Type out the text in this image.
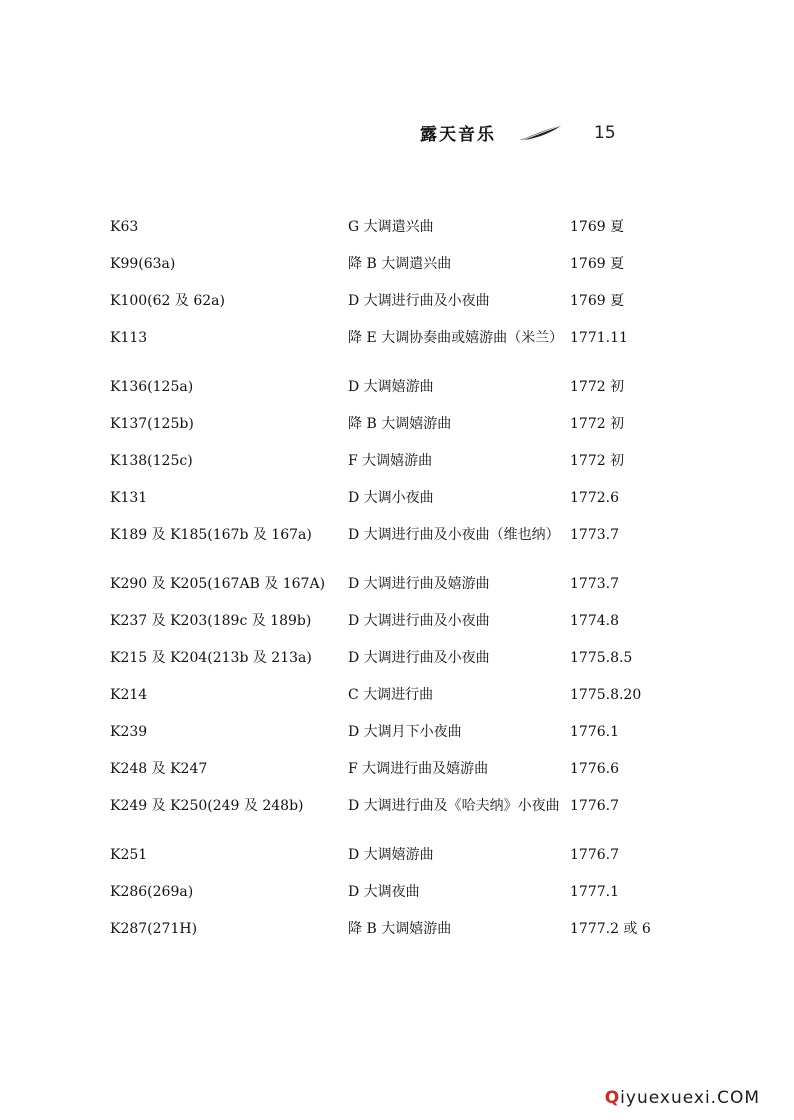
露天音乐	15
K63	G 大调遣兴曲	1769 夏
K99(63a)	降 B 大调遣兴曲	1769 夏
K100(62 及 62a)	D 大调进行曲及小夜曲	1769 夏
K113	降 E 大调协奏曲或嬉游曲（米兰） 1771.11
K136(125a)	D 大调嬉游曲	1772 初
K137(125b)	降 B 大调嬉游曲	1772 初
K138(125c)	F 大调嬉游曲	1772 初
K131	D 大调小夜曲	1772.6
K189 及 K185(167b 及 167a)	D 大调进行曲及小夜曲（维也纳） 1773.7
K290 及 K205(167AB 及 167A)	D 大调进行曲及嬉游曲	1773.7
K237 及 K203(189c 及 189b)	D 大调进行曲及小夜曲	1774.8
K215 及 K204(213b 及 213a)	D 大调进行曲及小夜曲	1775.8.5
K214	C 大调进行曲	1775.8.20
K239	D 大调月下小夜曲	1776.1
K248 及 K247	F 大调进行曲及嬉游曲	1776.6
K249 及 K250(249 及 248b)	D 大调进行曲及《哈夫纳》小夜曲 1776.7
K251	D 大调嬉游曲	1776.7
K286(269a)	D 大调夜曲	1777.1
K287(271H)	降 B 大调嬉游曲	1777.2 或 6
Qiyuexuexi.COM
